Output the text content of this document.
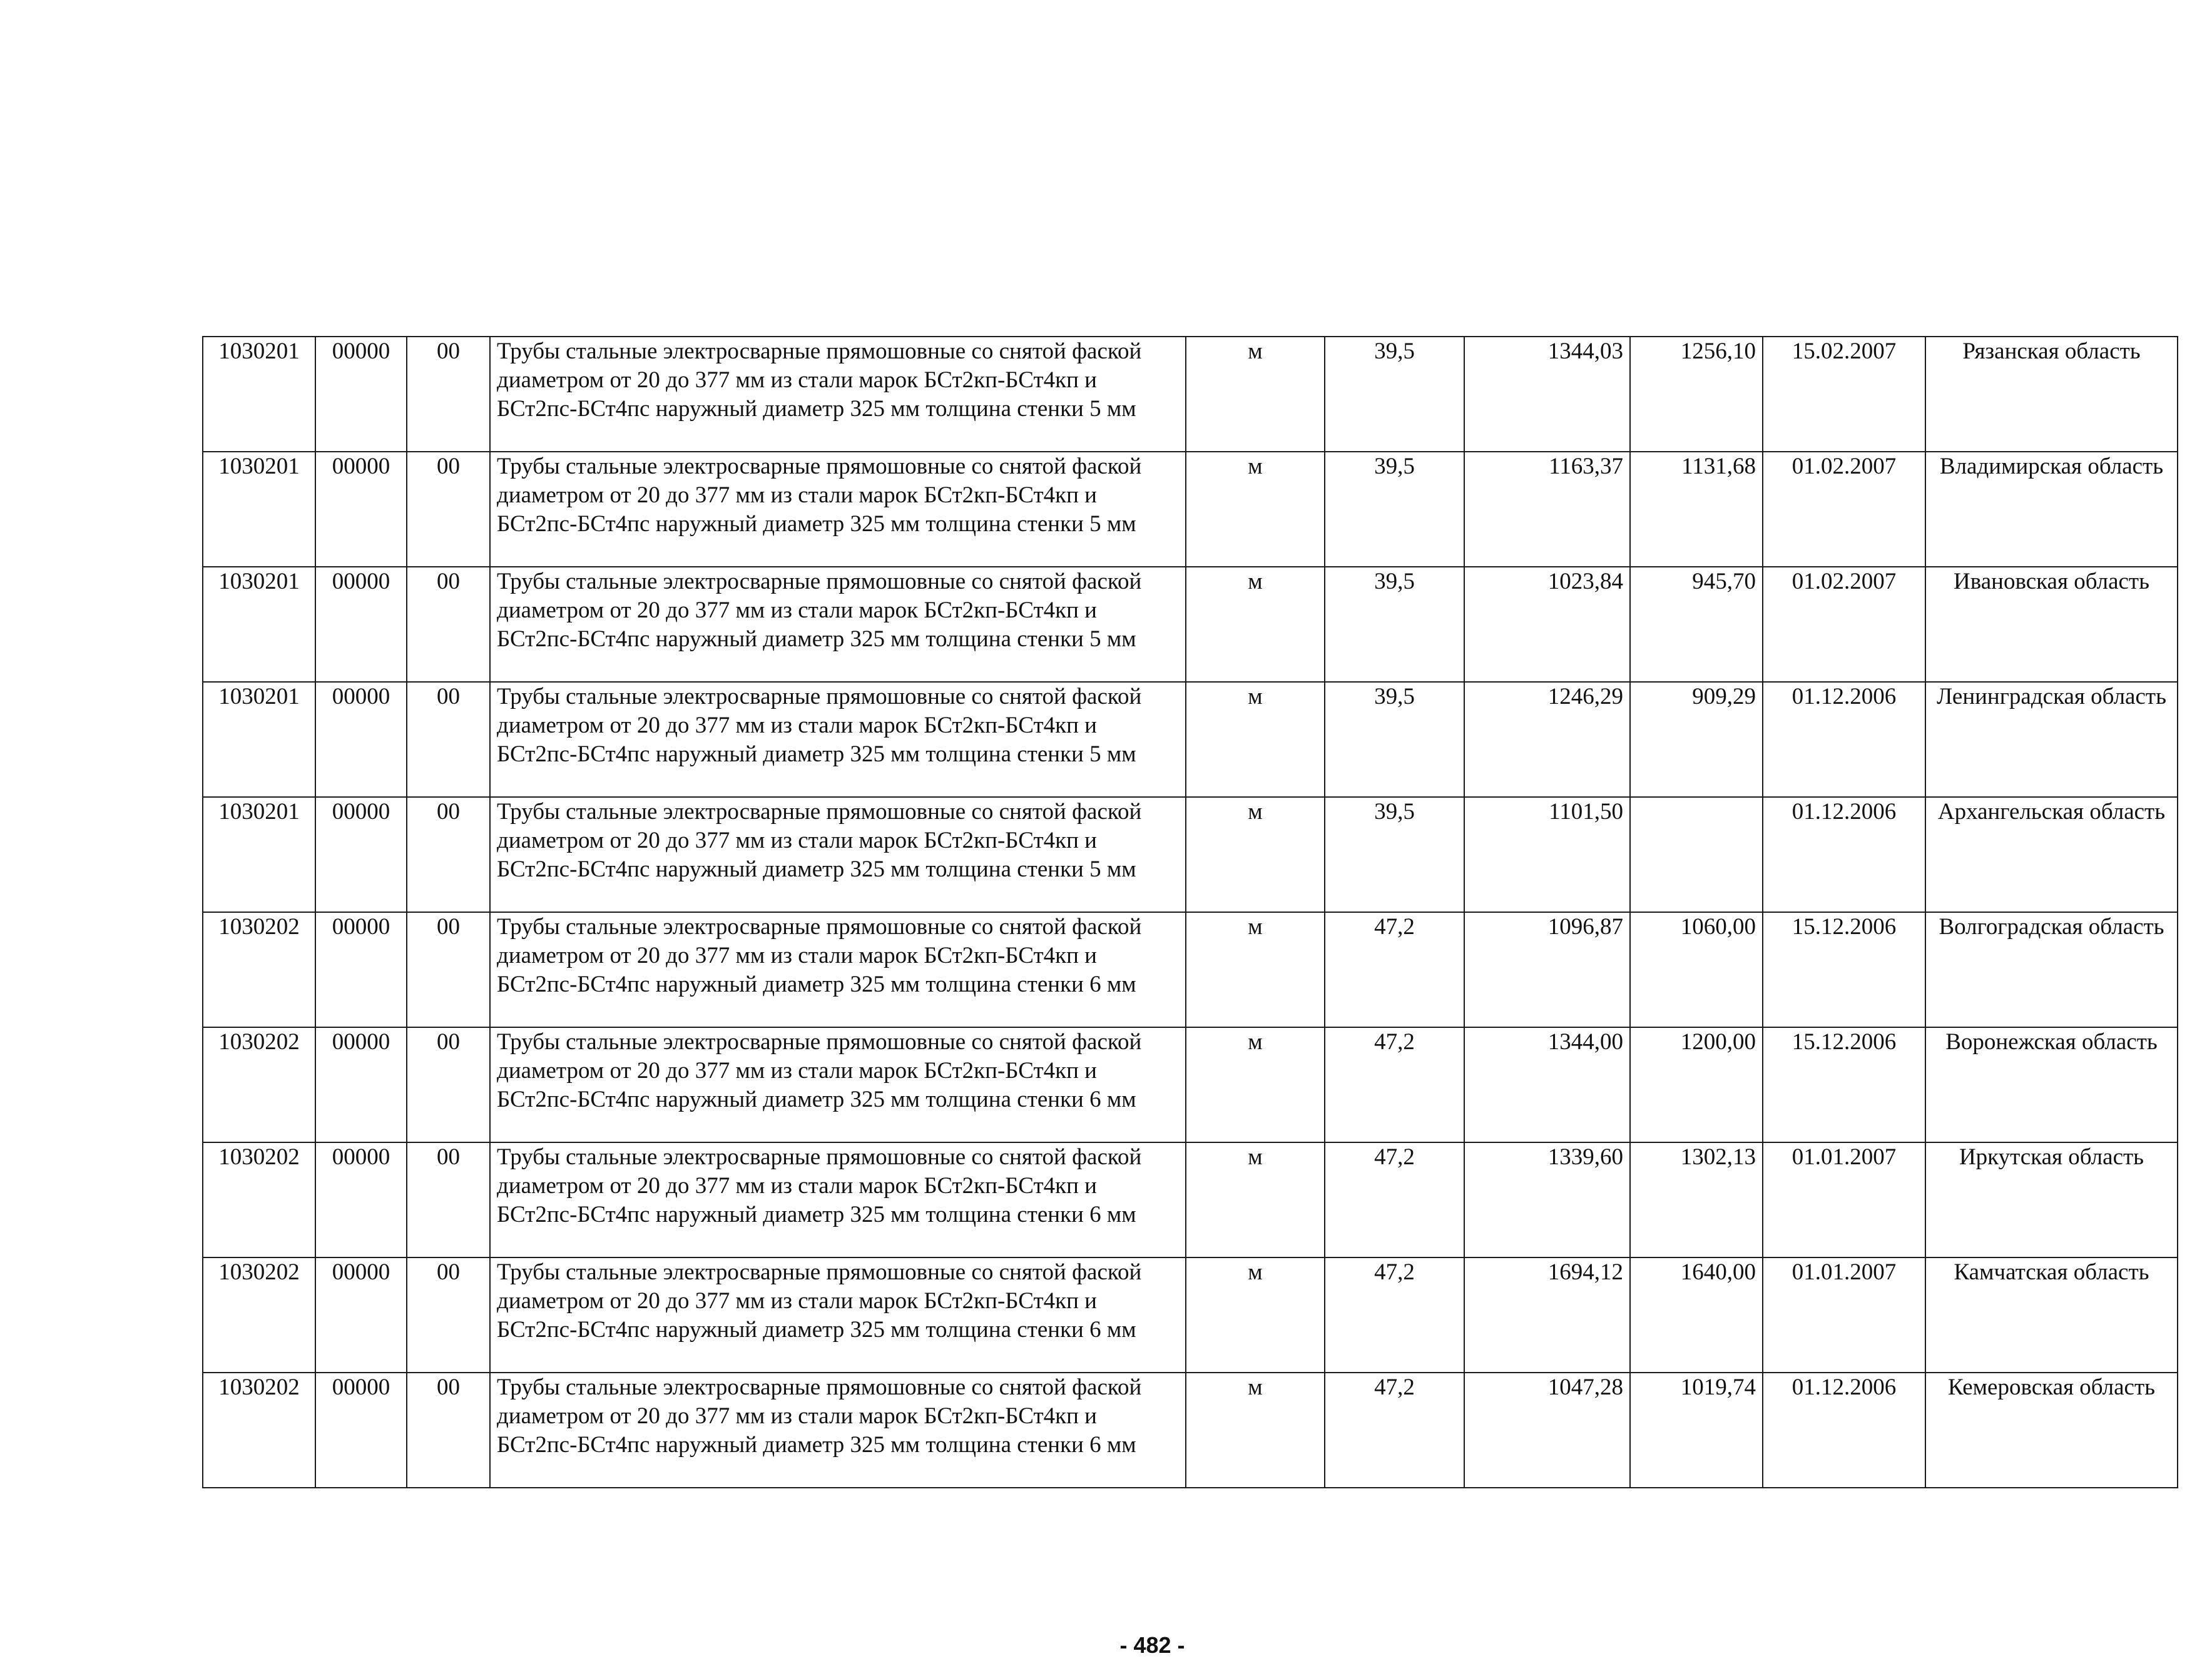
1030201	00000	00	Трубы стальные электросварные прямошовные со снятой фаской диаметром от 20 до 377 мм из стали марок БСт2кп-БСт4кп и БСт2пс-БСт4пс наружный диаметр 325 мм толщина стенки 5 мм	м	39,5	1344,03	1256,10	15.02.2007	Рязанская область
1030201	00000	00	Трубы стальные электросварные прямошовные со снятой фаской диаметром от 20 до 377 мм из стали марок БСт2кп-БСт4кп и БСт2пс-БСт4пс наружный диаметр 325 мм толщина стенки 5 мм	м	39,5	1163,37	1131,68	01.02.2007	Владимирская область
1030201	00000	00	Трубы стальные электросварные прямошовные со снятой фаской диаметром от 20 до 377 мм из стали марок БСт2кп-БСт4кп и БСт2пс-БСт4пс наружный диаметр 325 мм толщина стенки 5 мм	м	39,5	1023,84	945,70	01.02.2007	Ивановская область
1030201	00000	00	Трубы стальные электросварные прямошовные со снятой фаской диаметром от 20 до 377 мм из стали марок БСт2кп-БСт4кп и БСт2пс-БСт4пс наружный диаметр 325 мм толщина стенки 5 мм	м	39,5	1246,29	909,29	01.12.2006	Ленинградская область
1030201	00000	00	Трубы стальные электросварные прямошовные со снятой фаской диаметром от 20 до 377 мм из стали марок БСт2кп-БСт4кп и БСт2пс-БСт4пс наружный диаметр 325 мм толщина стенки 5 мм	м	39,5	1101,50		01.12.2006	Архангельская область
1030202	00000	00	Трубы стальные электросварные прямошовные со снятой фаской диаметром от 20 до 377 мм из стали марок БСт2кп-БСт4кп и БСт2пс-БСт4пс наружный диаметр 325 мм толщина стенки 6 мм	м	47,2	1096,87	1060,00	15.12.2006	Волгоградская область
1030202	00000	00	Трубы стальные электросварные прямошовные со снятой фаской диаметром от 20 до 377 мм из стали марок БСт2кп-БСт4кп и БСт2пс-БСт4пс наружный диаметр 325 мм толщина стенки 6 мм	м	47,2	1344,00	1200,00	15.12.2006	Воронежская область
1030202	00000	00	Трубы стальные электросварные прямошовные со снятой фаской диаметром от 20 до 377 мм из стали марок БСт2кп-БСт4кп и БСт2пс-БСт4пс наружный диаметр 325 мм толщина стенки 6 мм	м	47,2	1339,60	1302,13	01.01.2007	Иркутская область
1030202	00000	00	Трубы стальные электросварные прямошовные со снятой фаской диаметром от 20 до 377 мм из стали марок БСт2кп-БСт4кп и БСт2пс-БСт4пс наружный диаметр 325 мм толщина стенки 6 мм	м	47,2	1694,12	1640,00	01.01.2007	Камчатская область
1030202	00000	00	Трубы стальные электросварные прямошовные со снятой фаской диаметром от 20 до 377 мм из стали марок БСт2кп-БСт4кп и БСт2пс-БСт4пс наружный диаметр 325 мм толщина стенки 6 мм	м	47,2	1047,28	1019,74	01.12.2006	Кемеровская область
- 482 -
